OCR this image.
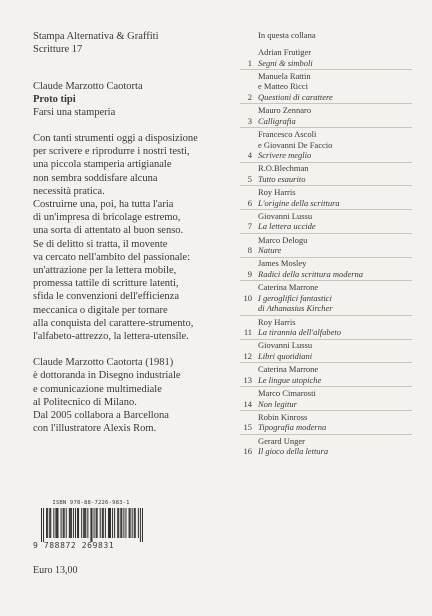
Stampa Alternativa & Graffiti

Scritture 17

Claude Marzotto Caotorta

Proto tipi

Farsi una stamperia

Con tanti strumenti oggi a disposizione
per scrivere e riprodurre i nostri testi,
una piccola stamperia artigianale
non sembra soddisfare alcuna
necessità pratica.
Costruirne una, poi, ha tutta l'aria
di un'impresa di bricolage estremo,
una sorta di attentato al buon senso.
Se di delitto si tratta, il movente
va cercato nell'ambito del passionale:
un'attrazione per la lettera mobile,
promessa tattile di scritture latenti,
sfida le convenzioni dell'efficienza
meccanica o digitale per tornare
alla conquista del carattere-strumento,
l'alfabeto-attrezzo, la lettera-utensile.
Claude Marzotto Caotorta (1981)
è dottoranda in Disegno industriale
e comunicazione multimediale
al Politecnico di Milano.
Dal 2005 collabora a Barcellona
con l'illustratore Alexis Rom.
ISBN 978-88-7226-983-1
9 788872 269831
Euro 13,00
In questa collana
Adrian Frutiger
Segni & simboli
1
Manuela Rattin
e Matteo Ricci
Questioni di carattere
2
Mauro Zennaro
Calligrafia
3
Francesco Ascoli
e Giovanni De Faccio
Scrivere meglio
4
R.O.Blechman
Tutto esaurito
5
Roy Harris
L'origine della scrittura
6
Giovanni Lussu
La lettera uccide
7
Marco Delogu
Nature
8
James Mosley
Radici della scrittura moderna
9
Caterina Marrone
I geroglifici fantastici
di Athanasius Kircher
10
Roy Harris
La tirannia dell'alfabeto
11
Giovanni Lussu
Libri quotidiani
12
Caterina Marrone
Le lingue utopiche
13
Marco Cimarosti
Non legitur
14
Robin Kinross
Tipografia moderna
15
Gerard Unger
Il gioco della lettura
16
